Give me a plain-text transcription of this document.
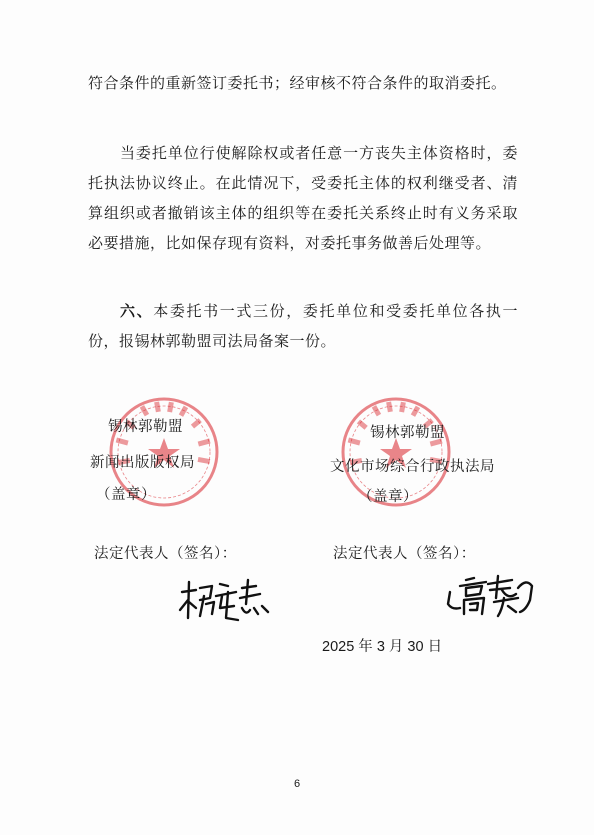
符合条件的重新签订委托书；经审核不符合条件的取消委托。

当委托单位行使解除权或者任意一方丧失主体资格时，委托执法协议终止。在此情况下，受委托主体的权利继受者、清算组织或者撤销该主体的组织等在委托关系终止时有义务采取必要措施，比如保存现有资料，对委托事务做善后处理等。

六、本委托书一式三份，委托单位和受委托单位各执一份，报锡林郭勒盟司法局备案一份。

锡林郭勒盟
新闻出版版权局
（盖章）
锡林郭勒盟
文化市场综合行政执法局
（盖章）
法定代表人（签名）：	法定代表人（签名）：
2025 年 3 月 30 日
6
